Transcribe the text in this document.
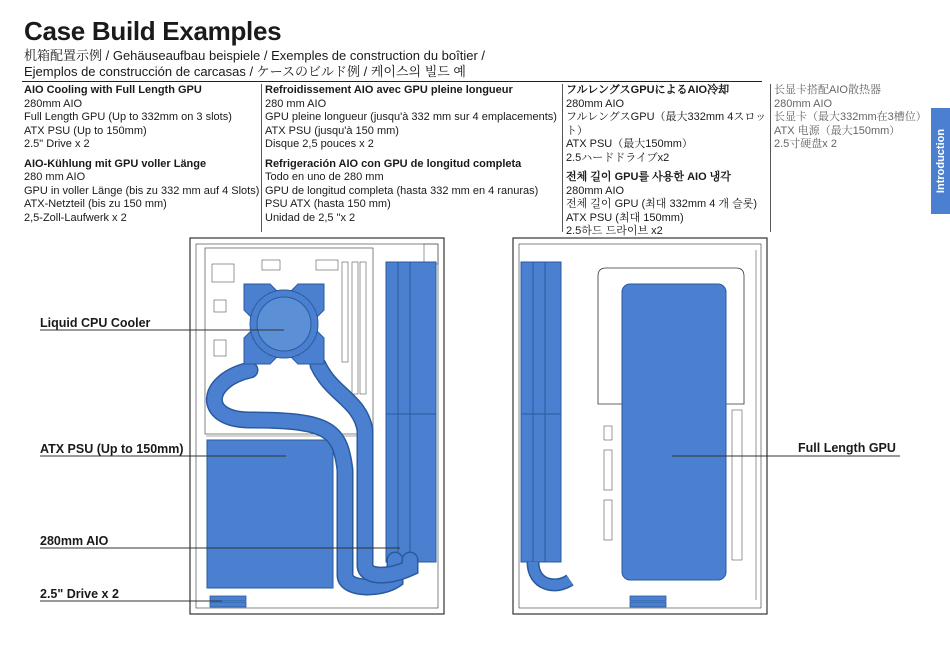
Case Build Examples
机箱配置示例 / Gehäuseaufbau beispiele / Exemples de construction du boîtier /
Ejemplos de construcción de carcasas / ケースのビルド例 / 케이스의 빌드 예
AIO Cooling with Full Length GPU
280mm AIO
Full Length GPU (Up to 332mm on 3 slots)
ATX PSU (Up to 150mm)
2.5" Drive x 2
AIO-Kühlung mit GPU voller Länge
280 mm AIO
GPU in voller Länge (bis zu 332 mm auf 4 Slots)
ATX-Netzteil (bis zu 150 mm)
2,5-Zoll-Laufwerk x 2
Refroidissement AIO avec GPU pleine longueur
280 mm AIO
GPU pleine longueur (jusqu'à 332 mm sur 4 emplacements)
ATX PSU (jusqu'à 150 mm)
Disque 2,5 pouces x 2
Refrigeración AIO con GPU de longitud completa
Todo en uno de 280 mm
GPU de longitud completa (hasta 332 mm en 4 ranuras)
PSU ATX (hasta 150 mm)
Unidad de 2,5 "x 2
フルレングスGPUによるAIO冷却
280mm AIO
フルレングスGPU（最大332mm 4スロット）
ATX PSU（最大150mm）
2.5ハードドライブx2
전체 길이 GPU를 사용한 AIO 냉각
280mm AIO
전체 길이 GPU (최대 332mm 4 개 슬롯)
ATX PSU (최대 150mm)
2.5하드 드라이브 x2
长显卡搭配AIO散热器
280mm AIO
长显卡（最大332mm在3槽位）
ATX 电源（最大150mm）
2.5寸硬盘x 2	Introduction
Liquid CPU Cooler
ATX PSU (Up to 150mm)
280mm AIO
2.5" Drive x 2
Full Length GPU
